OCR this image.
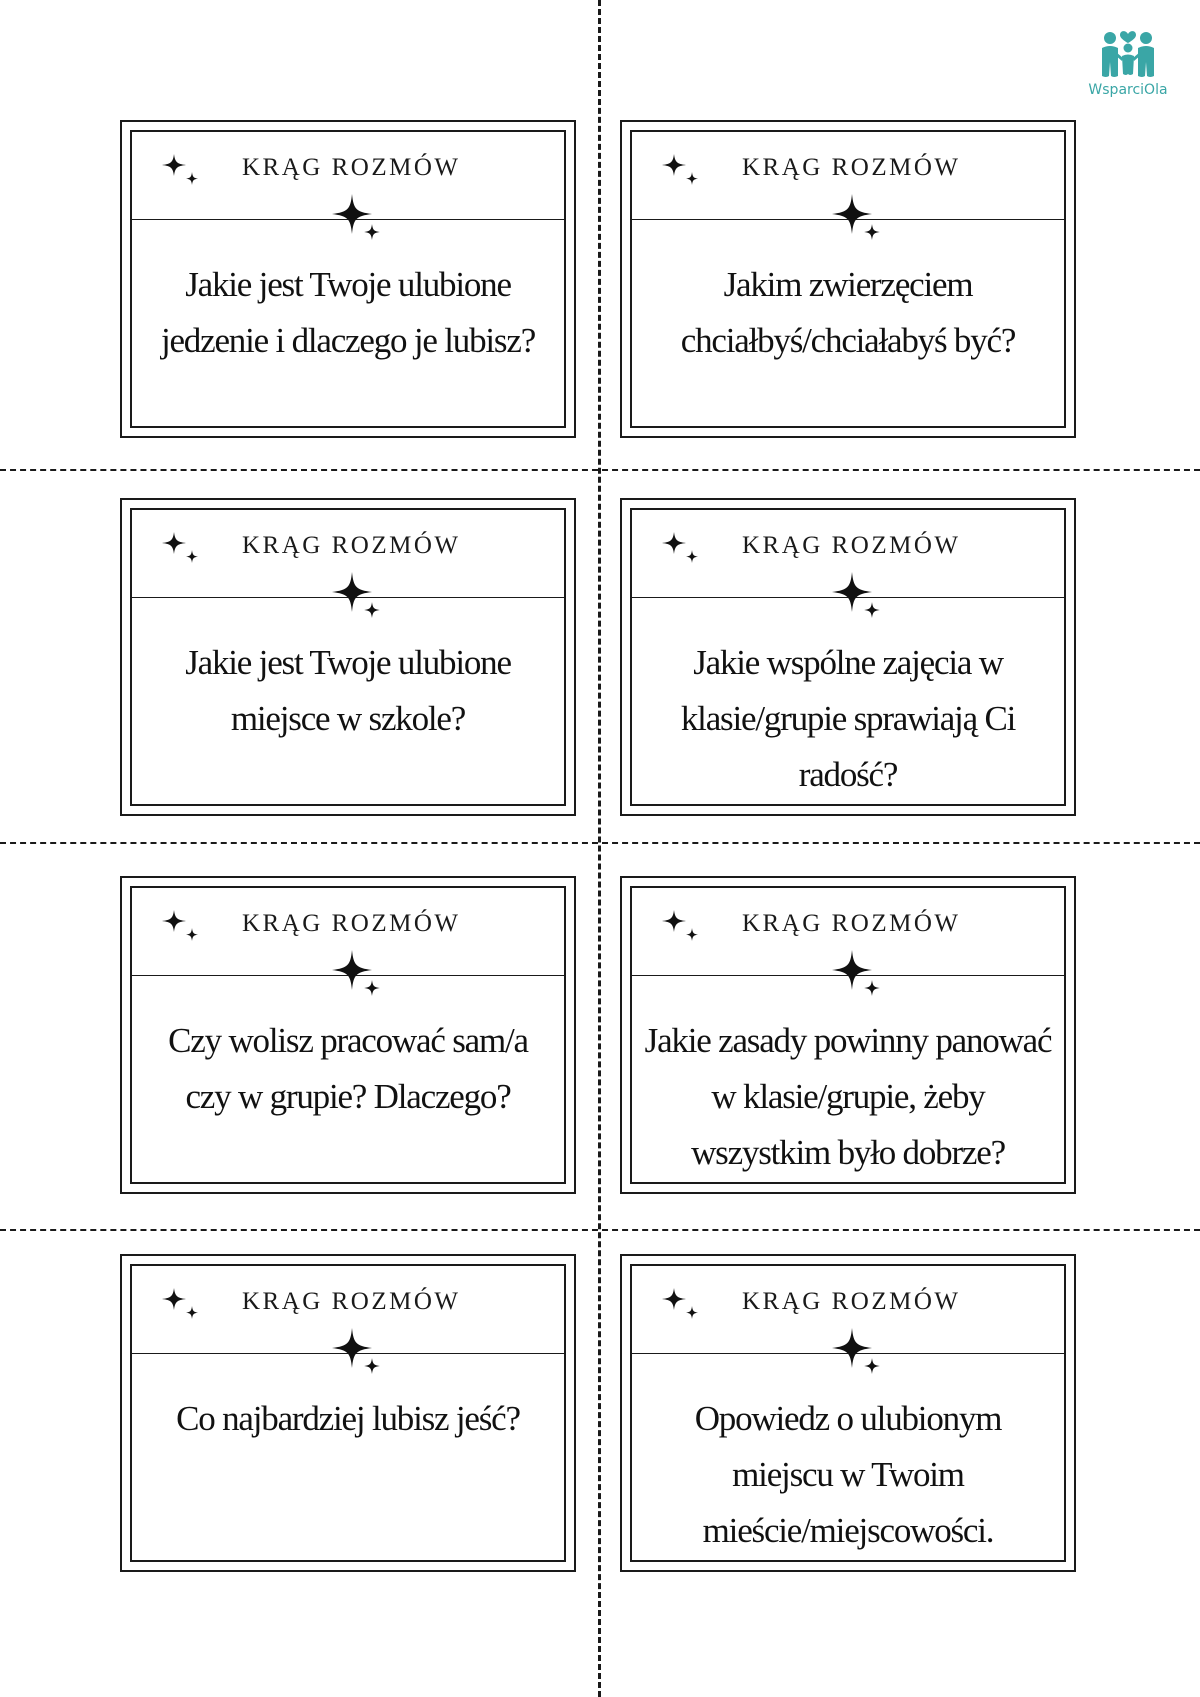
WsparciOla
KRĄG ROZMÓW
Jakie jest Twoje ulubione jedzenie i dlaczego je lubisz?
KRĄG ROZMÓW
Jakim zwierzęciem chciałbyś/chciałabyś być?
KRĄG ROZMÓW
Jakie jest Twoje ulubione miejsce w szkole?
KRĄG ROZMÓW
Jakie wspólne zajęcia w klasie/grupie sprawiają Ci radość?
KRĄG ROZMÓW
Czy wolisz pracować sam/a czy w grupie? Dlaczego?
KRĄG ROZMÓW
Jakie zasady powinny panować w klasie/grupie, żeby wszystkim było dobrze?
KRĄG ROZMÓW
Co najbardziej lubisz jeść?
KRĄG ROZMÓW
Opowiedz o ulubionym miejscu w Twoim mieście/miejscowości.
